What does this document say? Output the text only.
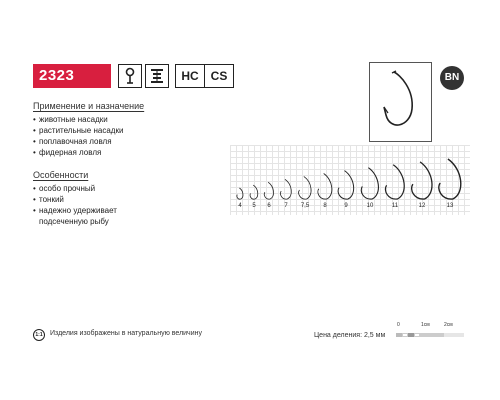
2323	HC CS	BN
Применение и назначение
• животные насадки
• растительные насадки
• поплавочная ловля
• фидерная ловля
Особенности
• особо прочный
• тонкий
• надежно удерживает подсеченную рыбу
4	5	6	7	7,5	8	9	10	11	12	13
1:1	Изделия изображены в натуральную величину	Цена деления: 2,5 мм
0	1см	2см
